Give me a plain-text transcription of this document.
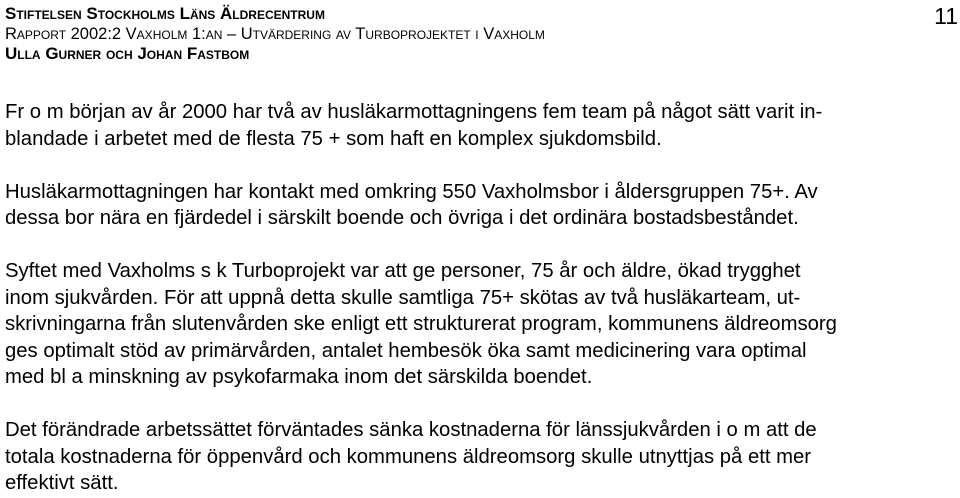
Stiftelsen Stockholms Läns Äldrecentrum
Rapport 2002:2 Vaxholm 1:an – Utvärdering av Turboprojektet i Vaxholm
Ulla Gurner och Johan Fastbom
11

Fr o m början av år 2000 har två av husläkarmottagningens fem team på något sätt varit in-
blandade i arbetet med de flesta 75 + som haft en komplex sjukdomsbild.

Husläkarmottagningen har kontakt med omkring 550 Vaxholmsbor i åldersgruppen 75+. Av
dessa bor nära en fjärdedel i särskilt boende och övriga i det ordinära bostadsbeståndet.

Syftet med Vaxholms s k Turboprojekt var att ge personer, 75 år och äldre, ökad trygghet
inom sjukvården. För att uppnå detta skulle samtliga 75+ skötas av två husläkarteam, ut-
skrivningarna från slutenvården ske enligt ett strukturerat program, kommunens äldreomsorg
ges optimalt stöd av primärvården, antalet hembesök öka samt medicinering vara optimal
med bl a minskning av psykofarmaka inom det särskilda boendet.

Det förändrade arbetssättet förväntades sänka kostnaderna för länssjukvården i o m att de
totala kostnaderna för öppenvård och kommunens äldreomsorg skulle utnyttjas på ett mer
effektivt sätt.
